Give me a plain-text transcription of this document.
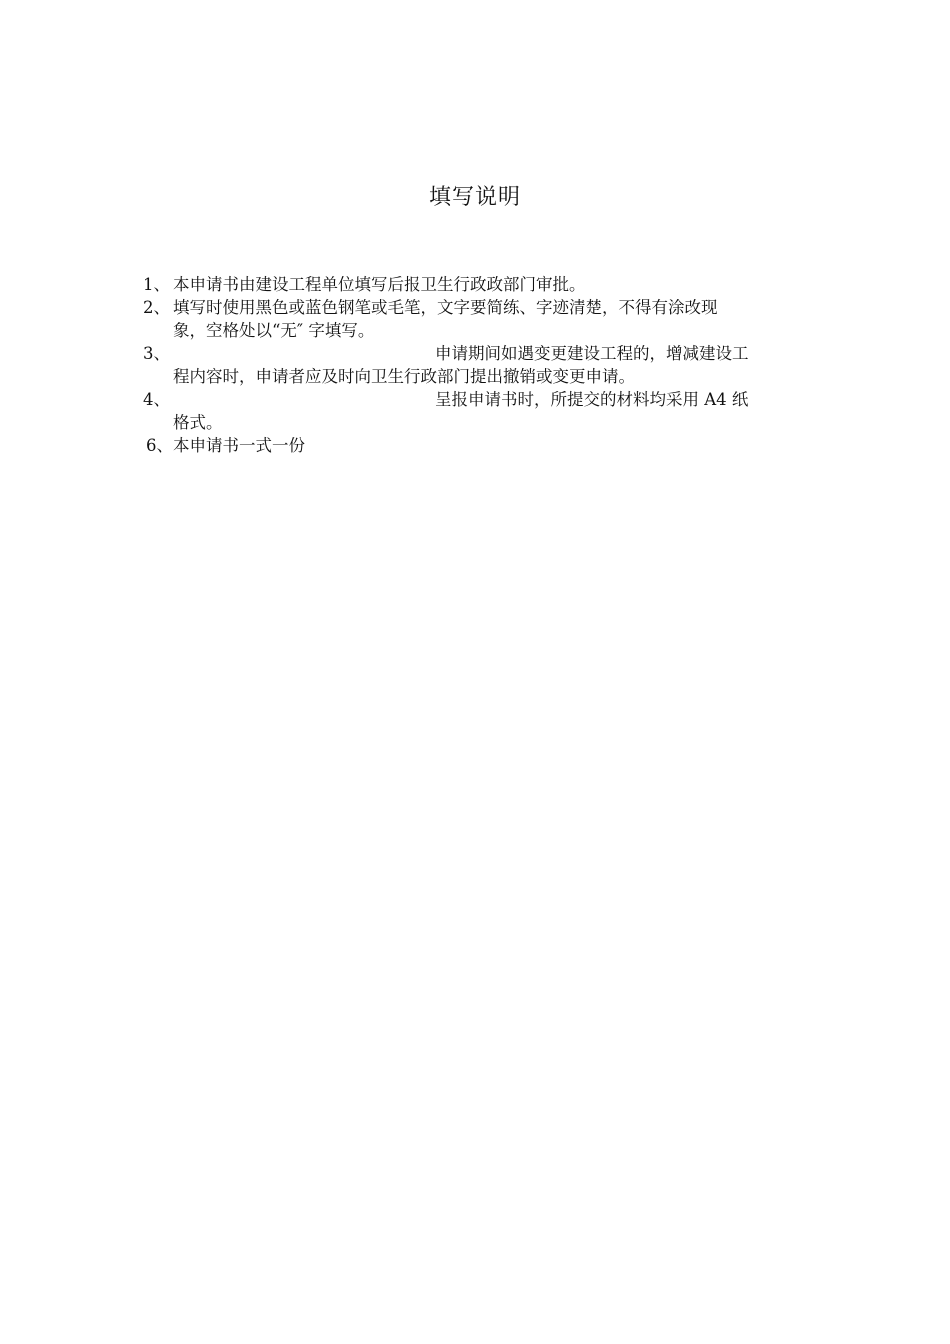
填写说明
1、 本申请书由建设工程单位填写后报卫生行政政部门审批。
2、 填写时使用黑色或蓝色钢笔或毛笔，文字要简练、字迹清楚，不得有涂改现
象，空格处以“无″ 字填写。
3、	申请期间如遇变更建设工程的，增减建设工
程内容时，申请者应及时向卫生行政部门提出撤销或变更申请。
4、	呈报申请书时，所提交的材料均采用 A4 纸
格式。
6、 本申请书一式一份
